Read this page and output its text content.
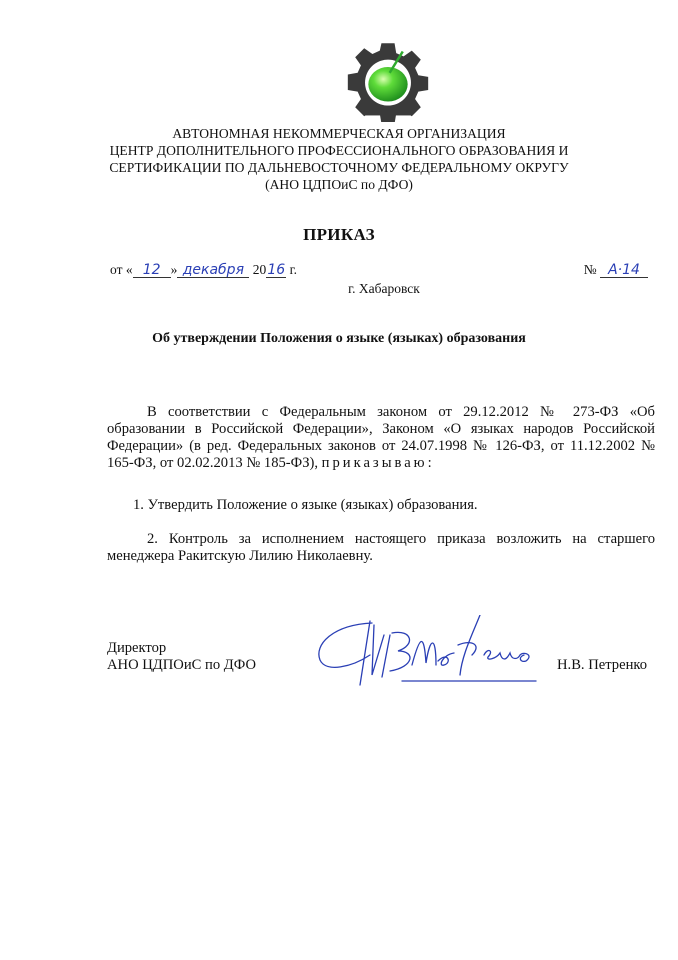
АВТОНОМНАЯ НЕКОММЕРЧЕСКАЯ ОРГАНИЗАЦИЯ
ЦЕНТР ДОПОЛНИТЕЛЬНОГО ПРОФЕССИОНАЛЬНОГО ОБРАЗОВАНИЯ И
СЕРТИФИКАЦИИ ПО ДАЛЬНЕВОСТОЧНОМУ ФЕДЕРАЛЬНОМУ ОКРУГУ
(АНО ЦДПОиС по ДФО)
ПРИКАЗ
от « 12 » декабря 2016 г.	№ А·14
г. Хабаровск
Об утверждении Положения о языке (языках) образования
В соответствии с Федеральным законом от 29.12.2012 № 273-ФЗ «Об образовании в Российской Федерации», Законом «О языках народов Российской Федерации» (в ред. Федеральных законов от 24.07.1998 № 126-ФЗ, от 11.12.2002 № 165-ФЗ, от 02.02.2013 № 185-ФЗ), приказываю:
1. Утвердить Положение о языке (языках) образования.
2. Контроль за исполнением настоящего приказа возложить на старшего менеджера Ракитскую Лилию Николаевну.
Директор
АНО ЦДПОиС по ДФО	Н.В. Петренко
